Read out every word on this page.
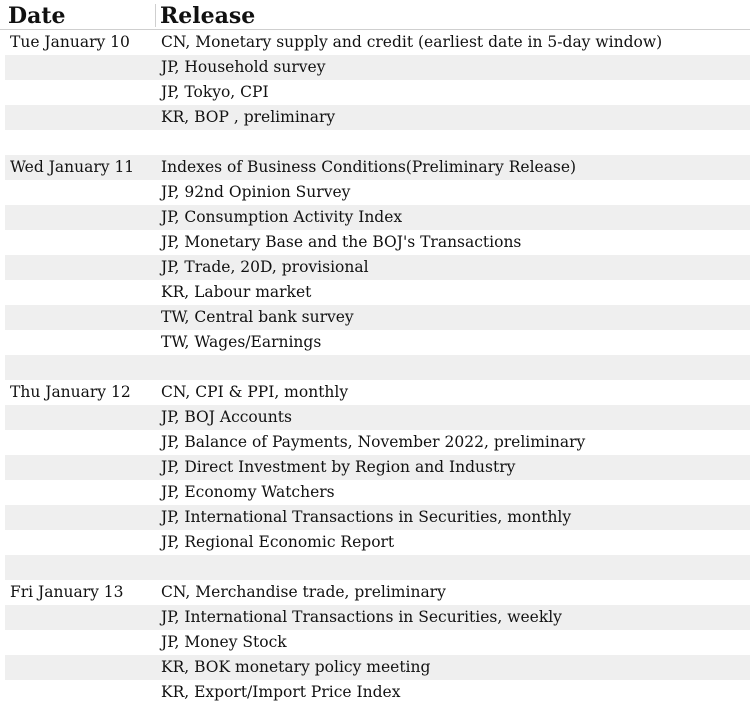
Date	Release
Tue January 10 CN, Monetary supply and credit (earliest date in 5-day window)
JP, Household survey
JP, Tokyo, CPI
KR, BOP , preliminary
Wed January 11 Indexes of Business Conditions(Preliminary Release)
JP, 92nd Opinion Survey
JP, Consumption Activity Index
JP, Monetary Base and the BOJ's Transactions
JP, Trade, 20D, provisional
KR, Labour market
TW, Central bank survey
TW, Wages/Earnings
Thu January 12 CN, CPI & PPI, monthly
JP, BOJ Accounts
JP, Balance of Payments, November 2022, preliminary
JP, Direct Investment by Region and Industry
JP, Economy Watchers
JP, International Transactions in Securities, monthly
JP, Regional Economic Report
Fri January 13 CN, Merchandise trade, preliminary
JP, International Transactions in Securities, weekly
JP, Money Stock
KR, BOK monetary policy meeting
KR, Export/Import Price Index
